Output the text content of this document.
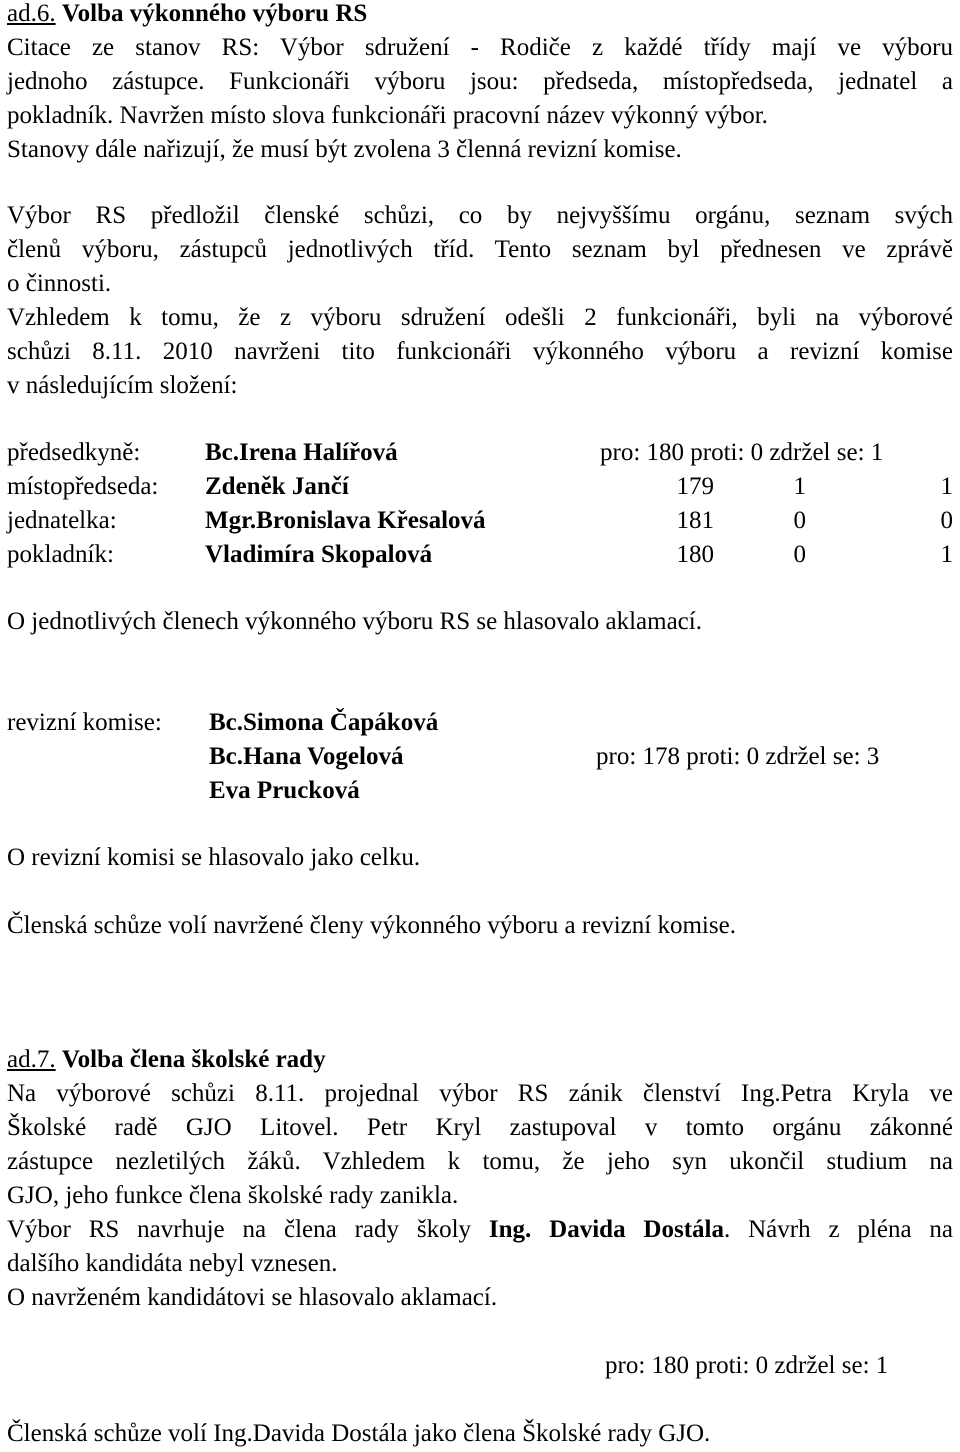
ad.6. Volba výkonného výboru RS
Citace ze stanov RS: Výbor sdružení - Rodiče z každé třídy mají ve výboru
jednoho zástupce. Funkcionáři výboru jsou: předseda, místopředseda, jednatel a
pokladník. Navržen místo slova funkcionáři pracovní název výkonný výbor.
Stanovy dále nařizují, že musí být zvolena 3 členná revizní komise.
Výbor RS předložil členské schůzi, co by nejvyššímu orgánu, seznam svých
členů výboru, zástupců jednotlivých tříd. Tento seznam byl přednesen ve zprávě
o činnosti.
Vzhledem k tomu, že z výboru sdružení odešli 2 funkcionáři, byli na výborové
schůzi 8.11. 2010 navrženi tito funkcionáři výkonného výboru a revizní komise
v následujícím složení:
předsedkyně:	Bc.Irena Halířová	pro: 180 proti: 0 zdržel se: 1
místopředseda: Zdeněk Jančí	179	1	1
jednatelka:	Mgr.Bronislava Křesalová	181	0	0
pokladník:	Vladimíra Skopalová	180	0	1
O jednotlivých členech výkonného výboru RS se hlasovalo aklamací.
revizní komise: Bc.Simona Čapáková
Bc.Hana Vogelová	pro: 178 proti: 0 zdržel se: 3
Eva Prucková
O revizní komisi se hlasovalo jako celku.
Členská schůze volí navržené členy výkonného výboru a revizní komise.
ad.7. Volba člena školské rady
Na výborové schůzi 8.11. projednal výbor RS zánik členství Ing.Petra Kryla ve
Školské radě GJO Litovel. Petr Kryl zastupoval v tomto orgánu zákonné
zástupce nezletilých žáků. Vzhledem k tomu, že jeho syn ukončil studium na
GJO, jeho funkce člena školské rady zanikla.
Výbor RS navrhuje na člena rady školy Ing. Davida Dostála. Návrh z pléna na
dalšího kandidáta nebyl vznesen.
O navrženém kandidátovi se hlasovalo aklamací.
pro: 180 proti: 0 zdržel se: 1
Členská schůze volí Ing.Davida Dostála jako člena Školské rady GJO.
